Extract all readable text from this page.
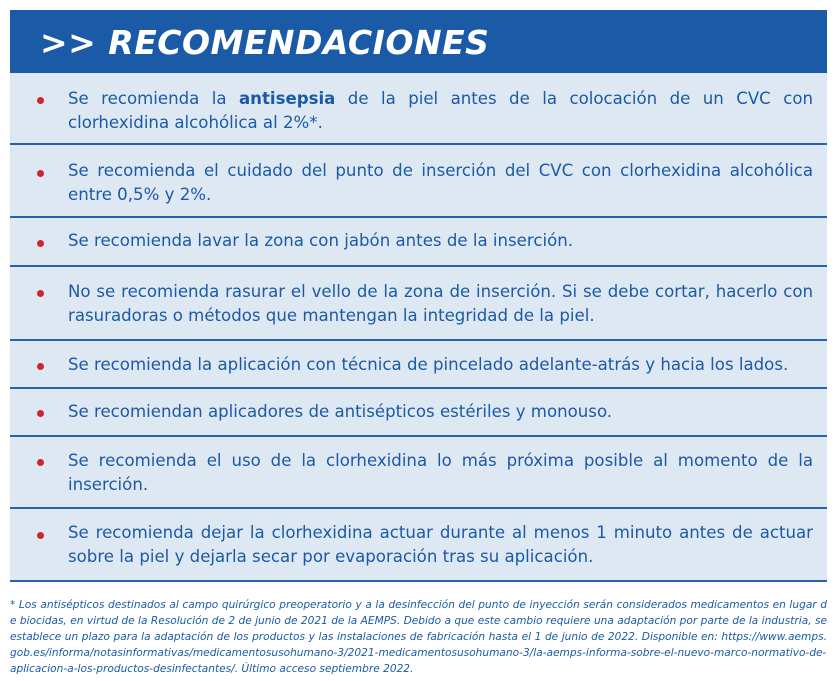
>> RECOMENDACIONES
Se recomienda la antisepsia de la piel antes de la colocación de un CVC con clorhexidina alcohólica al 2%*.
Se recomienda el cuidado del punto de inserción del CVC con clorhexidina alcohólica entre 0,5% y 2%.
Se recomienda lavar la zona con jabón antes de la inserción.
No se recomienda rasurar el vello de la zona de inserción. Si se debe cortar, hacerlo con rasuradoras o métodos que mantengan la integridad de la piel.
Se recomienda la aplicación con técnica de pincelado adelante-atrás y hacia los lados.
Se recomiendan aplicadores de antisépticos estériles y monouso.
Se recomienda el uso de la clorhexidina lo más próxima posible al momento de la inserción.
Se recomienda dejar la clorhexidina actuar durante al menos 1 minuto antes de actuar sobre la piel y dejarla secar por evaporación tras su aplicación.
* Los antisépticos destinados al campo quirúrgico preoperatorio y a la desinfección del punto de inyección serán considerados medicamentos en lugar de biocidas, en virtud de la Resolución de 2 de junio de 2021 de la AEMPS. Debido a que este cambio requiere una adaptación por parte de la industria, se establece un plazo para la adaptación de los productos y las instalaciones de fabricación hasta el 1 de junio de 2022. Disponible en: https://www.aemps.gob.es/informa/notasinformativas/medicamentosusohumano-3/2021-medicamentosusohumano-3/la-aemps-informa-sobre-el-nuevo-marco-normativo-de-aplicacion-a-los-productos-desinfectantes/. Último acceso septiembre 2022.
